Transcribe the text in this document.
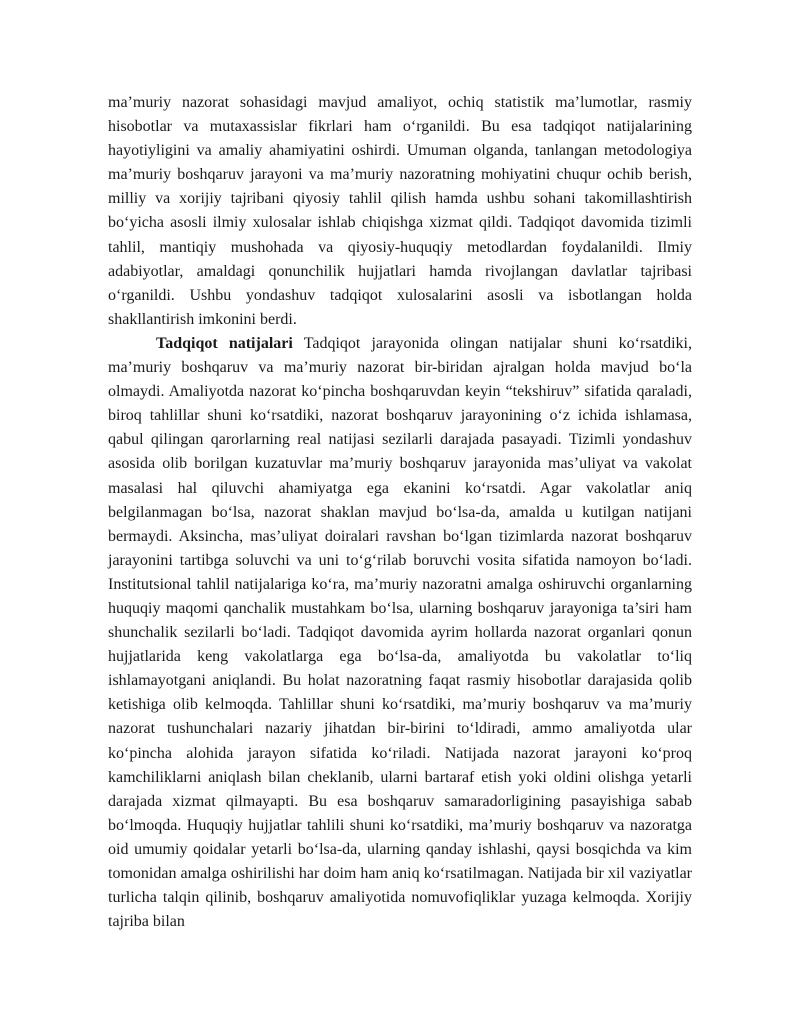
ma’muriy nazorat sohasidagi mavjud amaliyot, ochiq statistik ma’lumotlar, rasmiy hisobotlar va mutaxassislar fikrlari ham o‘rganildi. Bu esa tadqiqot natijalarining hayotiyligini va amaliy ahamiyatini oshirdi. Umuman olganda, tanlangan metodologiya ma’muriy boshqaruv jarayoni va ma’muriy nazoratning mohiyatini chuqur ochib berish, milliy va xorijiy tajribani qiyosiy tahlil qilish hamda ushbu sohani takomillashtirish bo‘yicha asosli ilmiy xulosalar ishlab chiqishga xizmat qildi. Tadqiqot davomida tizimli tahlil, mantiqiy mushohada va qiyosiy-huquqiy metodlardan foydalanildi. Ilmiy adabiyotlar, amaldagi qonunchilik hujjatlari hamda rivojlangan davlatlar tajribasi o‘rganildi. Ushbu yondashuv tadqiqot xulosalarini asosli va isbotlangan holda shakllantirish imkonini berdi.

Tadqiqot natijalari Tadqiqot jarayonida olingan natijalar shuni ko‘rsatdiki, ma’muriy boshqaruv va ma’muriy nazorat bir-biridan ajralgan holda mavjud bo‘la olmaydi. Amaliyotda nazorat ko‘pincha boshqaruvdan keyin “tekshiruv” sifatida qaraladi, biroq tahlillar shuni ko‘rsatdiki, nazorat boshqaruv jarayonining o‘z ichida ishlamasa, qabul qilingan qarorlarning real natijasi sezilarli darajada pasayadi. Tizimli yondashuv asosida olib borilgan kuzatuvlar ma’muriy boshqaruv jarayonida mas’uliyat va vakolat masalasi hal qiluvchi ahamiyatga ega ekanini ko‘rsatdi. Agar vakolatlar aniq belgilanmagan bo‘lsa, nazorat shaklan mavjud bo‘lsa-da, amalda u kutilgan natijani bermaydi. Aksincha, mas’uliyat doiralari ravshan bo‘lgan tizimlarda nazorat boshqaruv jarayonini tartibga soluvchi va uni to‘g‘rilab boruvchi vosita sifatida namoyon bo‘ladi. Institutsional tahlil natijalariga ko‘ra, ma’muriy nazoratni amalga oshiruvchi organlarning huquqiy maqomi qanchalik mustahkam bo‘lsa, ularning boshqaruv jarayoniga ta’siri ham shunchalik sezilarli bo‘ladi. Tadqiqot davomida ayrim hollarda nazorat organlari qonun hujjatlarida keng vakolatlarga ega bo‘lsa-da, amaliyotda bu vakolatlar to‘liq ishlamayotgani aniqlandi. Bu holat nazoratning faqat rasmiy hisobotlar darajasida qolib ketishiga olib kelmoqda. Tahlillar shuni ko‘rsatdiki, ma’muriy boshqaruv va ma’muriy nazorat tushunchalari nazariy jihatdan bir-birini to‘ldiradi, ammo amaliyotda ular ko‘pincha alohida jarayon sifatida ko‘riladi. Natijada nazorat jarayoni ko‘proq kamchiliklarni aniqlash bilan cheklanib, ularni bartaraf etish yoki oldini olishga yetarli darajada xizmat qilmayapti. Bu esa boshqaruv samaradorligining pasayishiga sabab bo‘lmoqda. Huquqiy hujjatlar tahlili shuni ko‘rsatdiki, ma’muriy boshqaruv va nazoratga oid umumiy qoidalar yetarli bo‘lsa-da, ularning qanday ishlashi, qaysi bosqichda va kim tomonidan amalga oshirilishi har doim ham aniq ko‘rsatilmagan. Natijada bir xil vaziyatlar turlicha talqin qilinib, boshqaruv amaliyotida nomuvofiqliklar yuzaga kelmoqda. Xorijiy tajriba bilan
